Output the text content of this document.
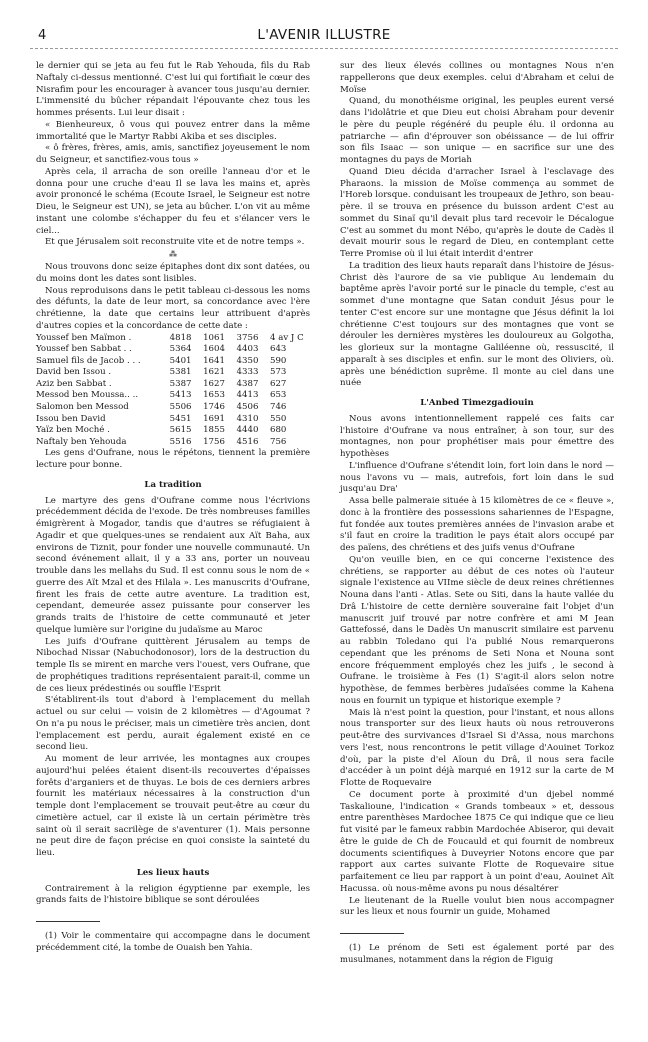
4	L'AVENIR ILLUSTRE

le dernier qui se jeta au feu fut le Rab Yehouda, fils du Rab Naftaly ci-dessus mentionné. C'est lui qui fortifiait le cœur des Nisrafim pour les encourager à avancer tous jusqu'au dernier. L'immensité du bûcher répandait l'épouvante chez tous les hommes présents. Lui leur disait :

« Bienheureux, ô vous qui pouvez entrer dans la même immortalité que le Martyr Rabbi Akiba et ses disciples.

« ô frères, frères, amis, amis, sanctifiez joyeusement le nom du Seigneur, et sanctifiez-vous tous »

Après cela, il arracha de son oreille l'anneau d'or et le donna pour une cruche d'eau Il se lava les mains et, après avoir prononcé le schéma (Ecoute Israel, le Seigneur est notre Dieu, le Seigneur est UN), se jeta au bûcher. L'on vit au même instant une colombe s'échapper du feu et s'élancer vers le ciel...

Et que Jérusalem soit reconstruite vite et de notre temps ».

⁂

Nous trouvons donc seize épitaphes dont dix sont datées, ou du moins dont les dates sont lisibles.

Nous reproduisons dans le petit tableau ci-dessous les noms des défunts, la date de leur mort, sa concordance avec l'ère chrétienne, la date que certains leur attribuent d'après d'autres copies et la concordance de cette date :

Youssef ben Maïmon .	4818	1061	3756	4 av J C
Youssef ben Sabbat . .	5364	1604	4403	643
Samuel fils de Jacob . . .	5401	1641	4350	590
David ben Issou .	5381	1621	4333	573
Aziz ben Sabbat .	5387	1627	4387	627
Messod ben Moussa.. ..	5413	1653	4413	653
Salomon ben Messod	5506	1746	4506	746
Issou ben David	5451	1691	4310	550
Yaïz ben Moché .	5615	1855	4440	680
Naftaly ben Yehouda	5516	1756	4516	756

Les gens d'Oufrane, nous le répétons, tiennent la première lecture pour bonne.

La tradition

Le martyre des gens d'Oufrane comme nous l'écrivions précédemment décida de l'exode. De très nombreuses familles émigrèrent à Mogador, tandis que d'autres se réfugiaient à Agadir et que quelques-unes se rendaient aux Aït Baha, aux environs de Tiznit, pour fonder une nouvelle communauté. Un second événement allait, il y a 33 ans, porter un nouveau trouble dans les mellahs du Sud. Il est connu sous le nom de « guerre des Aït Mzal et des Hilala ». Les manuscrits d'Oufrane, firent les frais de cette autre aventure. La tradition est, cependant, demeurée assez puissante pour conserver les grands traits de l'histoire de cette communauté et jeter quelque lumière sur l'origine du judaïsme au Maroc

Les juifs d'Oufrane quittèrent Jérusalem au temps de Nibochad Nissar (Nabuchodonosor), lors de la destruction du temple Ils se mirent en marche vers l'ouest, vers Oufrane, que de prophétiques traditions représentaient parait-il, comme un de ces lieux prédestinés ou souffle l'Esprit

S'établirent-ils tout d'abord à l'emplacement du mellah actuel ou sur celui — voisin de 2 kilomètres — d'Agoumat ? On n'a pu nous le préciser, mais un cimetière très ancien, dont l'emplacement est perdu, aurait également existé en ce second lieu.

Au moment de leur arrivée, les montagnes aux croupes aujourd'hui pelées étaient disent-ils recouvertes d'épaisses forêts d'arganiers et de thuyas. Le bois de ces derniers arbres fournit les matériaux nécessaires à la construction d'un temple dont l'emplacement se trouvait peut-être au cœur du cimetière actuel, car il existe là un certain périmètre très saint où il serait sacrilège de s'aventurer (1). Mais personne ne peut dire de façon précise en quoi consiste la sainteté du lieu.

Les lieux hauts

Contrairement à la religion égyptienne par exemple, les grands faits de l'histoire biblique se sont déroulées

(1) Voir le commentaire qui accompagne dans le document précédemment cité, la tombe de Ouaish ben Yahia.

sur des lieux élevés collines ou montagnes Nous n'en rappellerons que deux exemples. celui d'Abraham et celui de Moïse

Quand, du monothéisme original, les peuples eurent versé dans l'idolâtrie et que Dieu eut choisi Abraham pour devenir le père du peuple régénéré du peuple élu. il ordonna au patriarche — afin d'éprouver son obéissance — de lui offrir son fils Isaac — son unique — en sacrifice sur une des montagnes du pays de Moriah

Quand Dieu décida d'arracher Israel à l'esclavage des Pharaons. la mission de Moïse commença au sommet de l'Horeb lorsque. conduisant les troupeaux de Jethro, son beau-père. il se trouva en présence du buisson ardent C'est au sommet du Sinaï qu'il devait plus tard recevoir le Décalogue C'est au sommet du mont Nébo, qu'après le doute de Cadès il devait mourir sous le regard de Dieu, en contemplant cette Terre Promise où il lui était interdit d'entrer

La tradition des lieux hauts reparaît dans l'histoire de Jésus-Christ dès l'aurore de sa vie publique Au lendemain du baptême après l'avoir porté sur le pinacle du temple, c'est au sommet d'une montagne que Satan conduit Jésus pour le tenter C'est encore sur une montagne que Jésus définit la loi chrétienne C'est toujours sur des montagnes que vont se dérouler les dernières mystères les douloureux au Golgotha, les glorieux sur la montagne Galiléenne où, ressuscité, il apparaît à ses disciples et enfin. sur le mont des Oliviers, où. après une bénédiction suprême. Il monte au ciel dans une nuée

L'Anbed Timezgadiouin

Nous avons intentionnellement rappelé ces faits car l'histoire d'Oufrane va nous entraîner, à son tour, sur des montagnes, non pour prophétiser mais pour émettre des hypothèses

L'influence d'Oufrane s'étendit loin, fort loin dans le nord — nous l'avons vu — mais, autrefois, fort loin dans le sud jusqu'au Dra'

Assa belle palmeraie située à 15 kilomètres de ce « fleuve », donc à la frontière des possessions sahariennes de l'Espagne, fut fondée aux toutes premières années de l'invasion arabe et s'il faut en croire la tradition le pays était alors occupé par des païens, des chrétiens et des juifs venus d'Oufrane

Qu'on veuille bien, en ce qui concerne l'existence des chrétiens, se rapporter au début de ces notes où l'auteur signale l'existence au VIIme siècle de deux reines chrétiennes Nouna dans l'anti - Atlas. Sete ou Siti, dans la haute vallée du Drâ L'histoire de cette dernière souveraine fait l'objet d'un manuscrit juif trouvé par notre confrère et ami M Jean Gattefossé, dans le Dadès Un manuscrit similaire est parvenu au rabbin Toledano qui l'a publié Nous remarquerons cependant que les prénoms de Seti Nona et Nouna sont encore fréquemment employés chez les juifs , le second à Oufrane. le troisième à Fes (1) S'agit-il alors selon notre hypothèse, de femmes berbères judaïsées comme la Kahena nous en fournit un typique et historique exemple ?

Mais là n'est point la question, pour l'instant, et nous allons nous transporter sur des lieux hauts où nous retrouverons peut-être des survivances d'Israel Si d'Assa, nous marchons vers l'est, nous rencontrons le petit village d'Aouinet Torkoz d'où, par la piste d'el Aïoun du Drâ, il nous sera facile d'accéder à un point déjà marqué en 1912 sur la carte de M Flotte de Roquevaire

Ce document porte à proximité d'un djebel nommé Taskalioune, l'indication « Grands tombeaux » et, dessous entre parenthèses Mardochee 1875 Ce qui indique que ce lieu fut visité par le fameux rabbin Mardochée Abiseror, qui devait être le guide de Ch de Foucauld et qui fournit de nombreux documents scientifiques à Duveyrier Notons encore que par rapport aux cartes suivante Flotte de Roquevaire situe parfaitement ce lieu par rapport à un point d'eau, Aouinet Aït Hacussa. où nous-même avons pu nous désaltérer

Le lieutenant de la Ruelle voulut bien nous accompagner sur les lieux et nous fournir un guide, Mohamed

(1) Le prénom de Seti est également porté par des musulmanes, notamment dans la région de Figuig
